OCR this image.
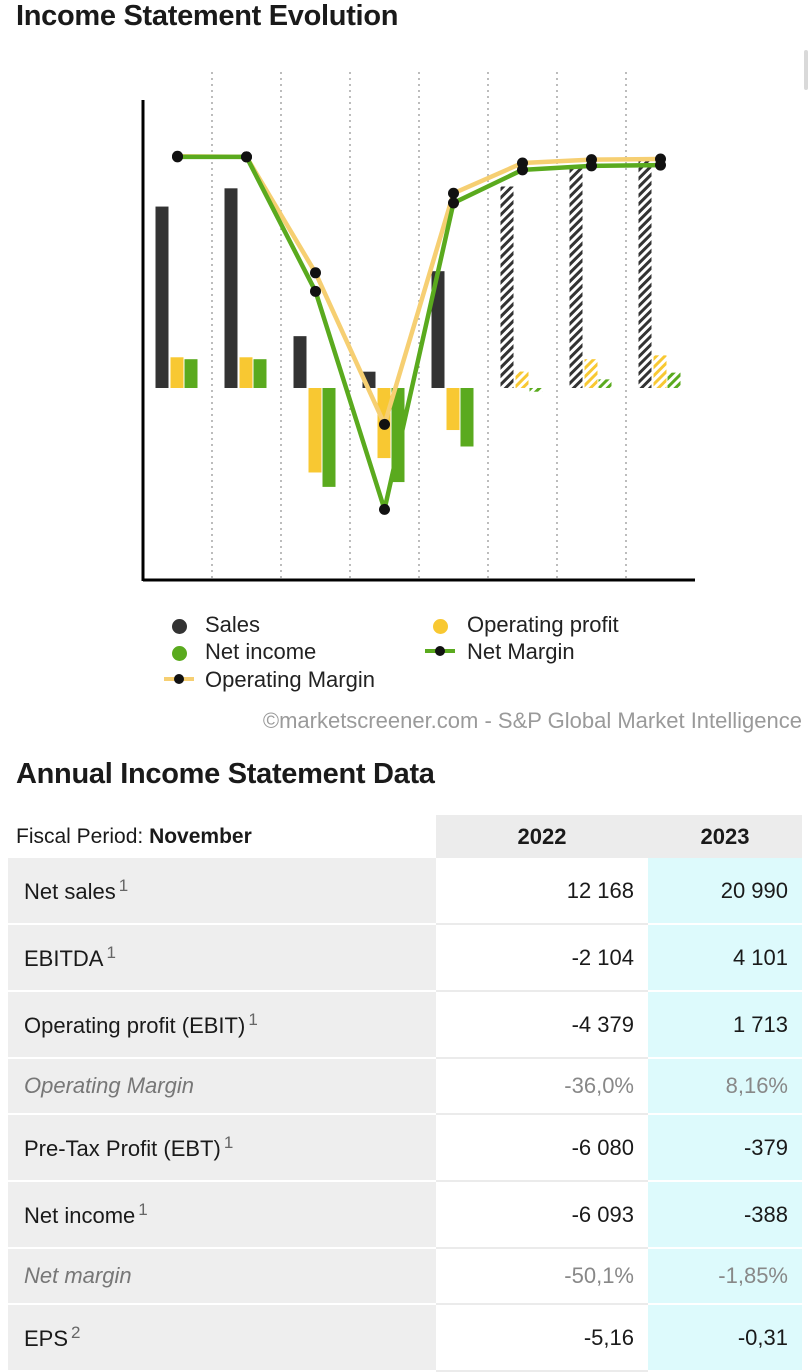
Income Statement Evolution
Sales	Operating profit
Net income	Net Margin
Operating Margin
©marketscreener.com - S&P Global Market Intelligence
Annual Income Statement Data
Fiscal Period: November	2022	2023
Net sales $^1$	12 168	20 990
EBITDA $^1$	-2 104	4 101
Operating profit (EBIT) $^1$	-4 379	1 713
Operating Margin	-36,0%	8,16%
Pre-Tax Profit (EBT) $^1$	-6 080	-379
Net income $^1$	-6 093	-388
Net margin	-50,1%	-1,85%
EPS $^2$	-5,16	-0,31
